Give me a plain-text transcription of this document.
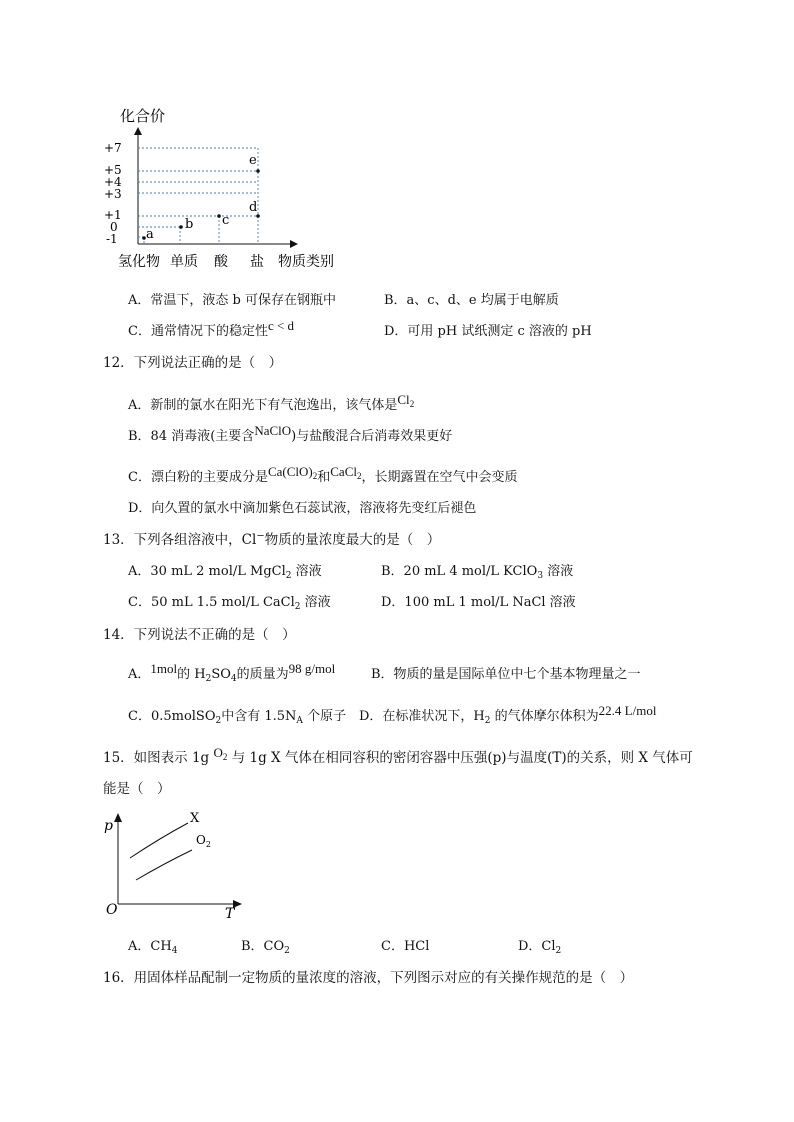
化合价
+7
+5
+4
+3
+1
0
-1 a
b c
d
e
氢化物 单质 酸 盐 物质类别
A．常温下，液态 b 可保存在钢瓶中	B．a、c、d、e 均属于电解质
C．通常情况下的稳定性c < d	D．可用 pH 试纸测定 c 溶液的 pH
12．下列说法正确的是（　）
A．新制的氯水在阳光下有气泡逸出，该气体是$Cl_2$
B．84 消毒液(主要含NaClO)与盐酸混合后消毒效果更好
C．漂白粉的主要成分是$Ca(ClO)_2$和CaCl$_2$，长期露置在空气中会变质
D．向久置的氯水中滴加紫色石蕊试液，溶液将先变红后褪色
13．下列各组溶液中，Cl−物质的量浓度最大的是（　）
A．30 mL 2 mol/L MgCl$_2$ 溶液	B．20 mL 4 mol/L KClO$_3$ 溶液
C．50 mL 1.5 mol/L CaCl$_2$ 溶液	D．100 mL 1 mol/L NaCl 溶液
14．下列说法不正确的是（　）
A．1mol的 $H_2SO_4$的质量为98 g/mol	B．物质的量是国际单位中七个基本物理量之一
C．0.5molSO$_2$中含有 $1.5N_A$ 个原子 D．在标准状况下，$H_2$ 的气体摩尔体积为22.4 L/mol
15．如图表示 1g $O_2$ 与 1g X 气体在相同容积的密闭容器中压强(p)与温度(T)的关系，则 X 气体可
能是（　）
p
T
O
X
$O_2$
A．$CH_4$	B．$CO_2$	C．HCl	D．$Cl_2$
16．用固体样品配制一定物质的量浓度的溶液，下列图示对应的有关操作规范的是（　）
